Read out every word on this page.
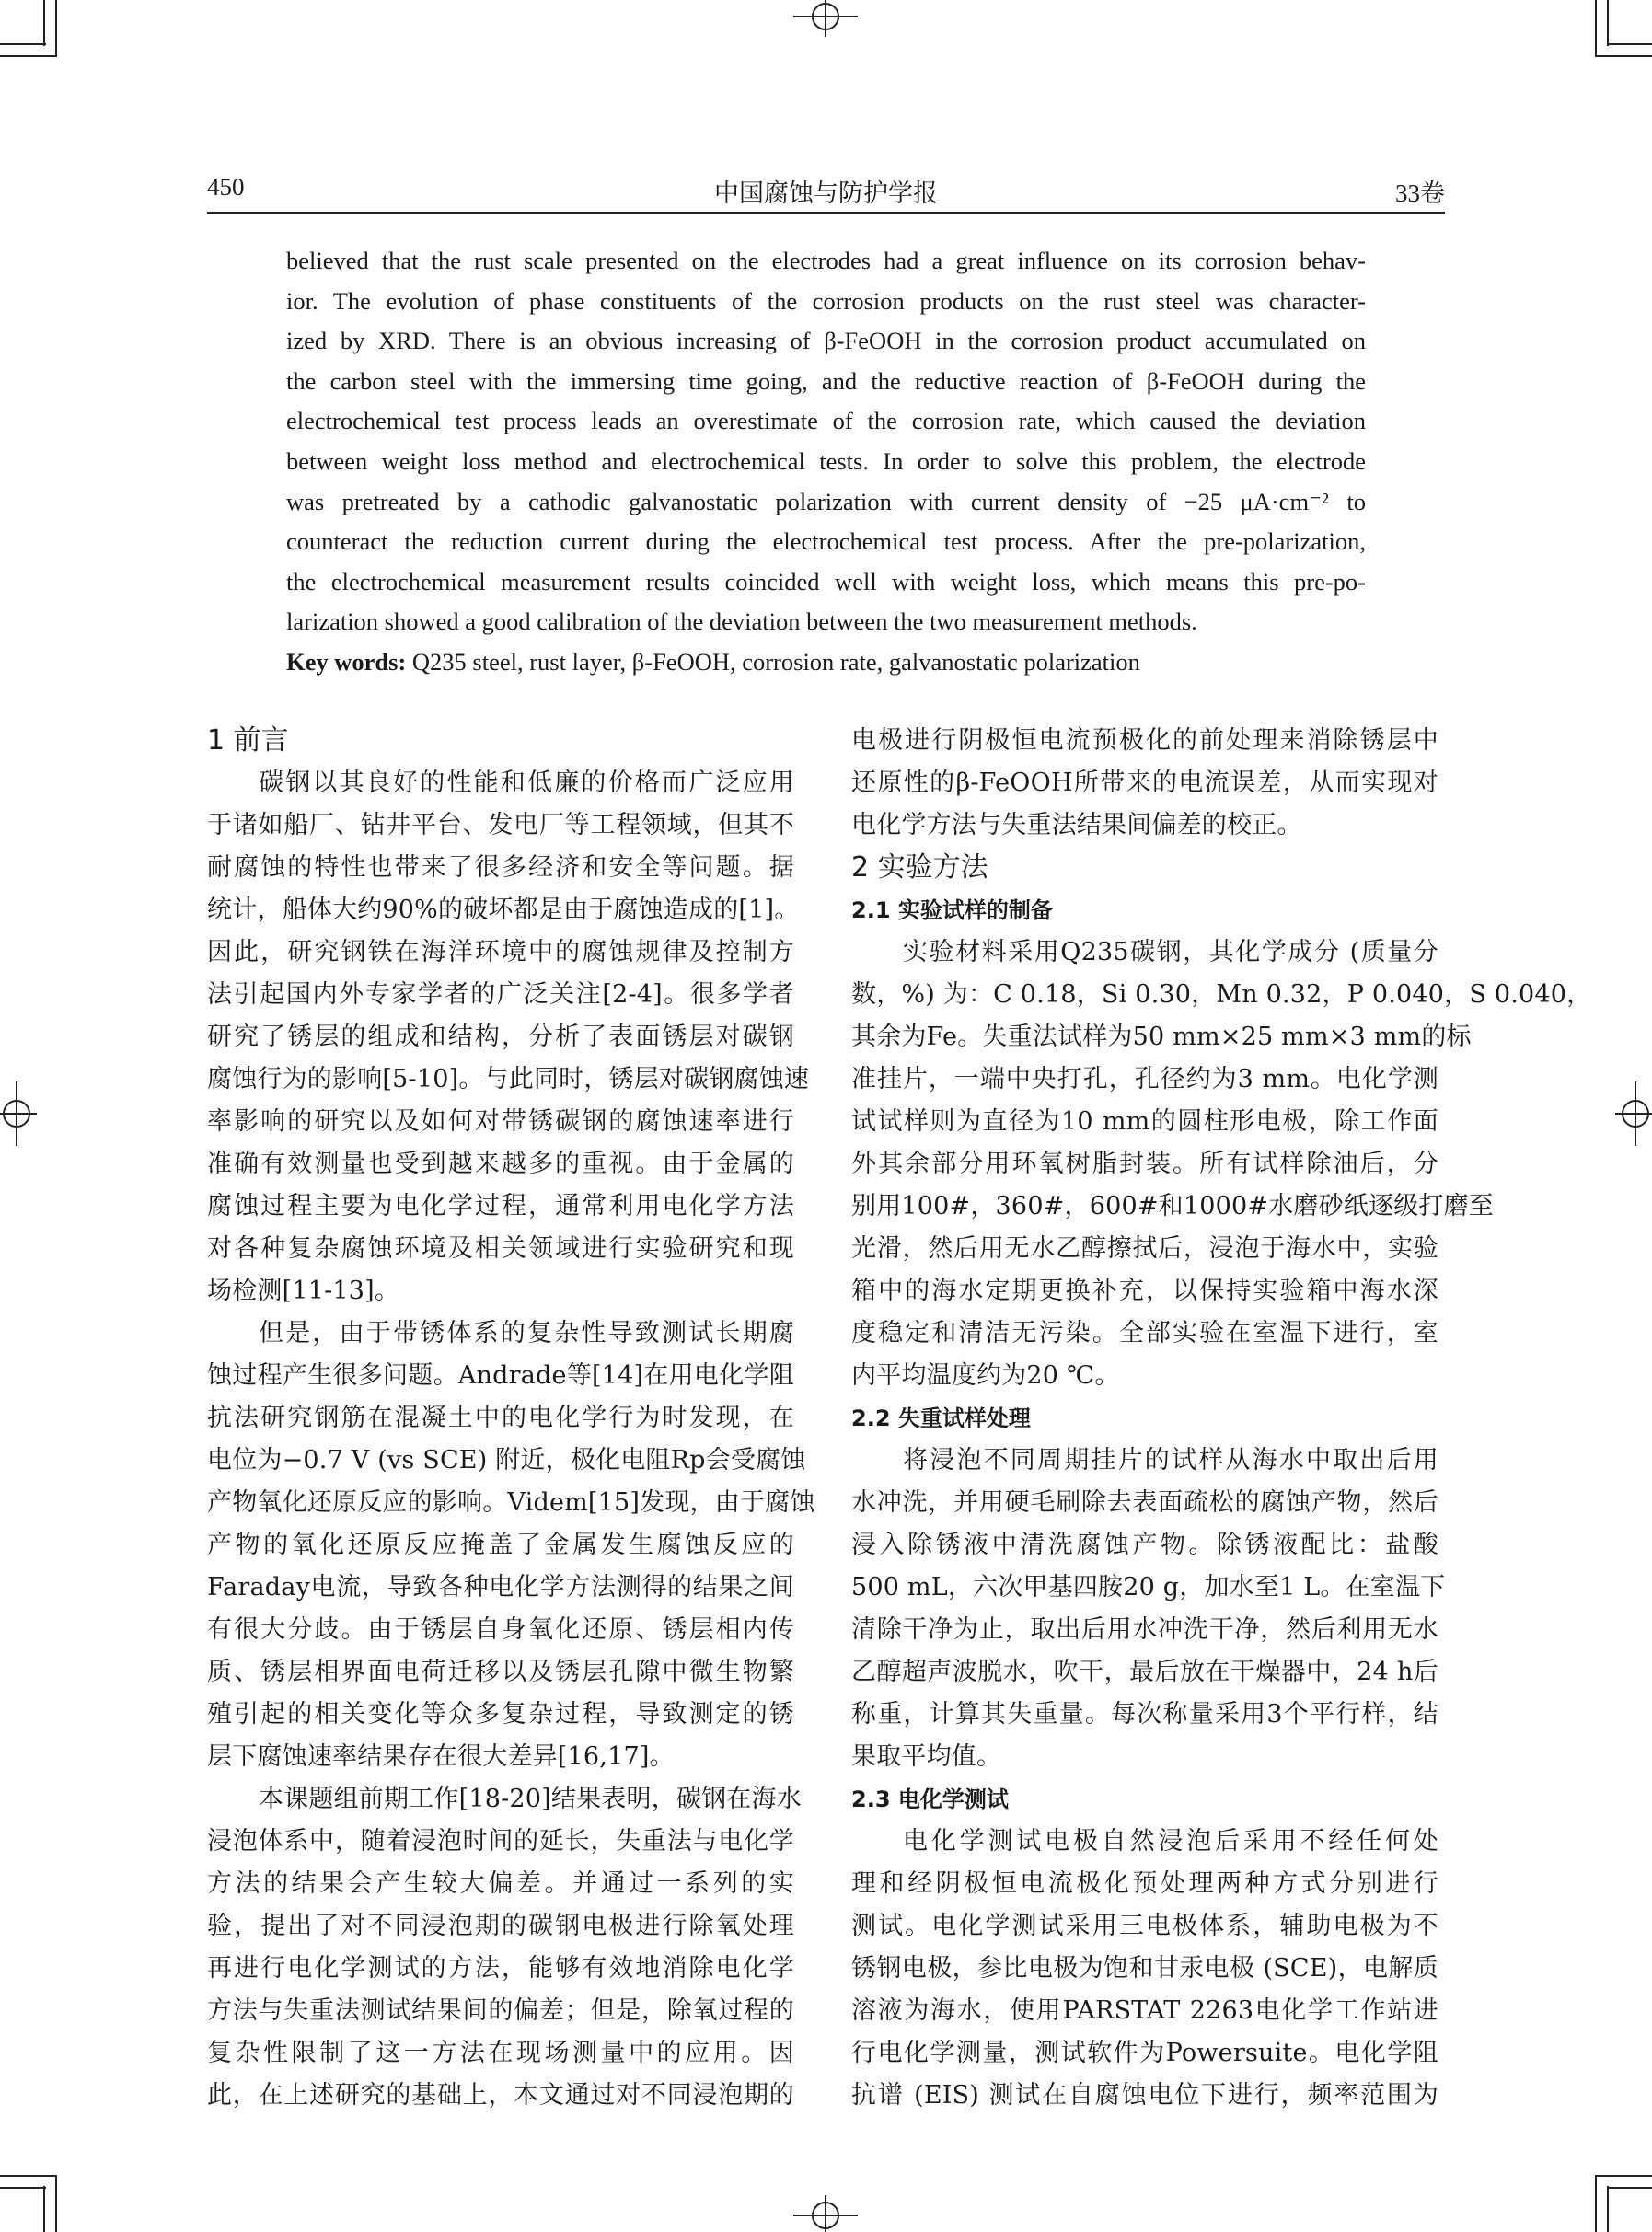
450	中国腐蚀与防护学报	33卷
believed that the rust scale presented on the electrodes had a great influence on its corrosion behav-
ior. The evolution of phase constituents of the corrosion products on the rust steel was character-
ized by XRD. There is an obvious increasing of β-FeOOH in the corrosion product accumulated on
the carbon steel with the immersing time going, and the reductive reaction of β-FeOOH during the
electrochemical test process leads an overestimate of the corrosion rate, which caused the deviation
between weight loss method and electrochemical tests. In order to solve this problem, the electrode
was pretreated by a cathodic galvanostatic polarization with current density of −25 μA·cm⁻² to
counteract the reduction current during the electrochemical test process. After the pre-polarization,
the electrochemical measurement results coincided well with weight loss, which means this pre-po-
larization showed a good calibration of the deviation between the two measurement methods.
Key words: Q235 steel, rust layer, β-FeOOH, corrosion rate, galvanostatic polarization
1 前言
碳钢以其良好的性能和低廉的价格而广泛应用
于诸如船厂、钻井平台、发电厂等工程领域，但其不
耐腐蚀的特性也带来了很多经济和安全等问题。据
统计，船体大约90%的破坏都是由于腐蚀造成的[1]。
因此，研究钢铁在海洋环境中的腐蚀规律及控制方
法引起国内外专家学者的广泛关注[2-4]。很多学者
研究了锈层的组成和结构，分析了表面锈层对碳钢
腐蚀行为的影响[5-10]。与此同时，锈层对碳钢腐蚀速
率影响的研究以及如何对带锈碳钢的腐蚀速率进行
准确有效测量也受到越来越多的重视。由于金属的
腐蚀过程主要为电化学过程，通常利用电化学方法
对各种复杂腐蚀环境及相关领域进行实验研究和现
场检测[11-13]。
但是，由于带锈体系的复杂性导致测试长期腐
蚀过程产生很多问题。Andrade等[14]在用电化学阻
抗法研究钢筋在混凝土中的电化学行为时发现，在
电位为−0.7 V (vs SCE) 附近，极化电阻Rp会受腐蚀
产物氧化还原反应的影响。Videm[15]发现，由于腐蚀
产物的氧化还原反应掩盖了金属发生腐蚀反应的
Faraday电流，导致各种电化学方法测得的结果之间
有很大分歧。由于锈层自身氧化还原、锈层相内传
质、锈层相界面电荷迁移以及锈层孔隙中微生物繁
殖引起的相关变化等众多复杂过程，导致测定的锈
层下腐蚀速率结果存在很大差异[16,17]。
本课题组前期工作[18-20]结果表明，碳钢在海水
浸泡体系中，随着浸泡时间的延长，失重法与电化学
方法的结果会产生较大偏差。并通过一系列的实
验，提出了对不同浸泡期的碳钢电极进行除氧处理
再进行电化学测试的方法，能够有效地消除电化学
方法与失重法测试结果间的偏差；但是，除氧过程的
复杂性限制了这一方法在现场测量中的应用。因
此，在上述研究的基础上，本文通过对不同浸泡期的
电极进行阴极恒电流预极化的前处理来消除锈层中
还原性的β-FeOOH所带来的电流误差，从而实现对
电化学方法与失重法结果间偏差的校正。
2 实验方法
2.1 实验试样的制备
实验材料采用Q235碳钢，其化学成分 (质量分
数，%) 为：C 0.18，Si 0.30，Mn 0.32，P 0.040，S 0.040，
其余为Fe。失重法试样为50 mm×25 mm×3 mm的标
准挂片，一端中央打孔，孔径约为3 mm。电化学测
试试样则为直径为10 mm的圆柱形电极，除工作面
外其余部分用环氧树脂封装。所有试样除油后，分
别用100#，360#，600#和1000#水磨砂纸逐级打磨至
光滑，然后用无水乙醇擦拭后，浸泡于海水中，实验
箱中的海水定期更换补充，以保持实验箱中海水深
度稳定和清洁无污染。全部实验在室温下进行，室
内平均温度约为20 ℃。
2.2 失重试样处理
将浸泡不同周期挂片的试样从海水中取出后用
水冲洗，并用硬毛刷除去表面疏松的腐蚀产物，然后
浸入除锈液中清洗腐蚀产物。除锈液配比：盐酸
500 mL，六次甲基四胺20 g，加水至1 L。在室温下
清除干净为止，取出后用水冲洗干净，然后利用无水
乙醇超声波脱水，吹干，最后放在干燥器中，24 h后
称重，计算其失重量。每次称量采用3个平行样，结
果取平均值。
2.3 电化学测试
电化学测试电极自然浸泡后采用不经任何处
理和经阴极恒电流极化预处理两种方式分别进行
测试。电化学测试采用三电极体系，辅助电极为不
锈钢电极，参比电极为饱和甘汞电极 (SCE)，电解质
溶液为海水，使用PARSTAT 2263电化学工作站进
行电化学测量，测试软件为Powersuite。电化学阻
抗谱 (EIS) 测试在自腐蚀电位下进行，频率范围为
